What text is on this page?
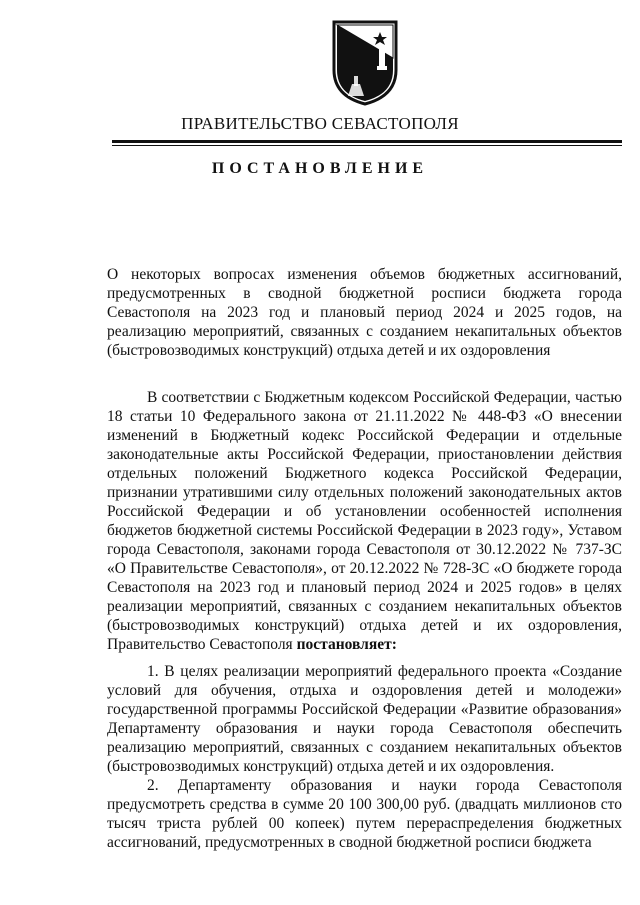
ПРАВИТЕЛЬСТВО СЕВАСТОПОЛЯ
ПОСТАНОВЛЕНИЕ
О некоторых вопросах изменения объемов бюджетных ассигнований, предусмотренных в сводной бюджетной росписи бюджета города Севастополя на 2023 год и плановый период 2024 и 2025 годов, на реализацию мероприятий, связанных с созданием некапитальных объектов (быстровозводимых конструкций) отдыха детей и их оздоровления

В соответствии с Бюджетным кодексом Российской Федерации, частью 18 статьи 10 Федерального закона от 21.11.2022 № 448-ФЗ «О внесении изменений в Бюджетный кодекс Российской Федерации и отдельные законодательные акты Российской Федерации, приостановлении действия отдельных положений Бюджетного кодекса Российской Федерации, признании утратившими силу отдельных положений законодательных актов Российской Федерации и об установлении особенностей исполнения бюджетов бюджетной системы Российской Федерации в 2023 году», Уставом города Севастополя, законами города Севастополя от 30.12.2022 № 737-ЗС «О Правительстве Севастополя», от 20.12.2022 № 728-ЗС «О бюджете города Севастополя на 2023 год и плановый период 2024 и 2025 годов» в целях реализации мероприятий, связанных с созданием некапитальных объектов (быстровозводимых конструкций) отдыха детей и их оздоровления, Правительство Севастополя постановляет:

1. В целях реализации мероприятий федерального проекта «Создание условий для обучения, отдыха и оздоровления детей и молодежи» государственной программы Российской Федерации «Развитие образования» Департаменту образования и науки города Севастополя обеспечить реализацию мероприятий, связанных с созданием некапитальных объектов (быстровозводимых конструкций) отдыха детей и их оздоровления.

2. Департаменту образования и науки города Севастополя предусмотреть средства в сумме 20 100 300,00 руб. (двадцать миллионов сто тысяч триста рублей 00 копеек) путем перераспределения бюджетных ассигнований, предусмотренных в сводной бюджетной росписи бюджета
